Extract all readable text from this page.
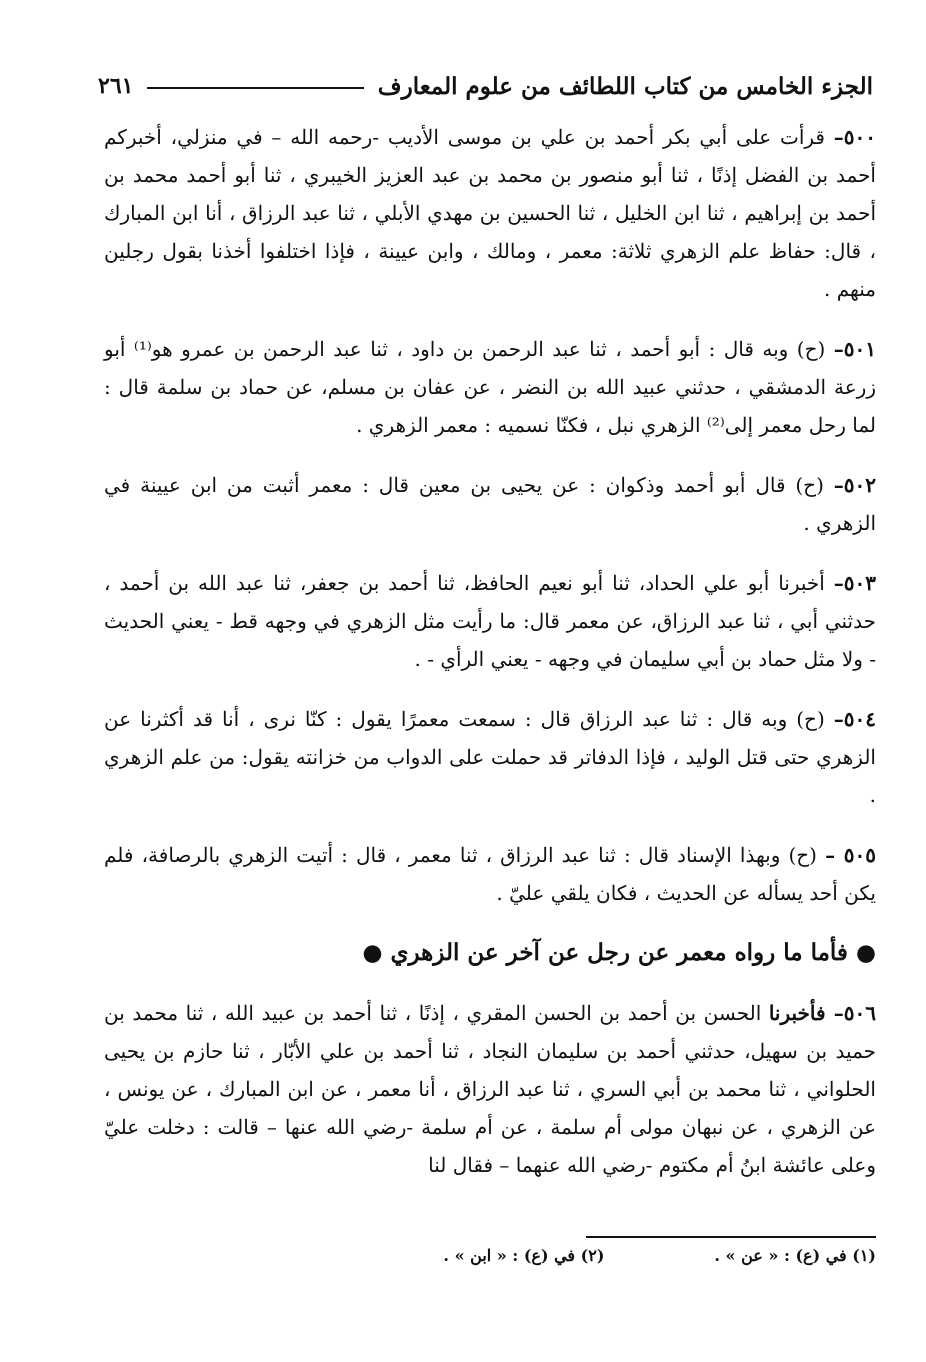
الجزء الخامس من كتاب اللطائف من علوم المعارف
٢٦١

٥٠٠– قرأت على أبي بكر أحمد بن علي بن موسى الأديب -رحمه الله – في منزلي، أخبركم أحمد بن الفضل إذنًا ، ثنا أبو منصور بن محمد بن عبد العزيز الخيبري ، ثنا أبو أحمد محمد بن أحمد بن إبراهيم ، ثنا ابن الخليل ، ثنا الحسين بن مهدي الأبلي ، ثنا عبد الرزاق ، أنا ابن المبارك ، قال: حفاظ علم الزهري ثلاثة: معمر ، ومالك ، وابن عيينة ، فإذا اختلفوا أخذنا بقول رجلين منهم .

٥٠١– (ح) وبه قال : أبو أحمد ، ثنا عبد الرحمن بن داود ، ثنا عبد الرحمن بن عمرو هو⁽¹⁾ أبو زرعة الدمشقي ، حدثني عبيد الله بن النضر ، عن عفان بن مسلم، عن حماد بن سلمة قال : لما رحل معمر إلى⁽²⁾ الزهري نبل ، فكنّا نسميه : معمر الزهري .

٥٠٢– (ح) قال أبو أحمد وذكوان : عن يحيى بن معين قال : معمر أثبت من ابن عيينة في الزهري .

٥٠٣– أخبرنا أبو علي الحداد، ثنا أبو نعيم الحافظ، ثنا أحمد بن جعفر، ثنا عبد الله بن أحمد ، حدثني أبي ، ثنا عبد الرزاق، عن معمر قال: ما رأيت مثل الزهري في وجهه قط - يعني الحديث - ولا مثل حماد بن أبي سليمان في وجهه - يعني الرأي - .

٥٠٤– (ح) وبه قال : ثنا عبد الرزاق قال : سمعت معمرًا يقول : كنّا نرى ، أنا قد أكثرنا عن الزهري حتى قتل الوليد ، فإذا الدفاتر قد حملت على الدواب من خزانته يقول: من علم الزهري .

٥٠٥ – (ح) وبهذا الإسناد قال : ثنا عبد الرزاق ، ثنا معمر ، قال : أتيت الزهري بالرصافة، فلم يكن أحد يسأله عن الحديث ، فكان يلقي عليّ .

● فأما ما رواه معمر عن رجل عن آخر عن الزهري ●

٥٠٦– فأخبرنا الحسن بن أحمد بن الحسن المقري ، إذنًا ، ثنا أحمد بن عبيد الله ، ثنا محمد بن حميد بن سهيل، حدثني أحمد بن سليمان النجاد ، ثنا أحمد بن علي الأبّار ، ثنا حازم بن يحيى الحلواني ، ثنا محمد بن أبي السري ، ثنا عبد الرزاق ، أنا معمر ، عن ابن المبارك ، عن يونس ، عن الزهري ، عن نبهان مولى أم سلمة ، عن أم سلمة -رضي الله عنها – قالت : دخلت عليّ وعلى عائشة ابنُ أم مكتوم -رضي الله عنهما – فقال لنا

(١) في (ع) : « عن » .
(٢) في (ع) : « ابن » .
